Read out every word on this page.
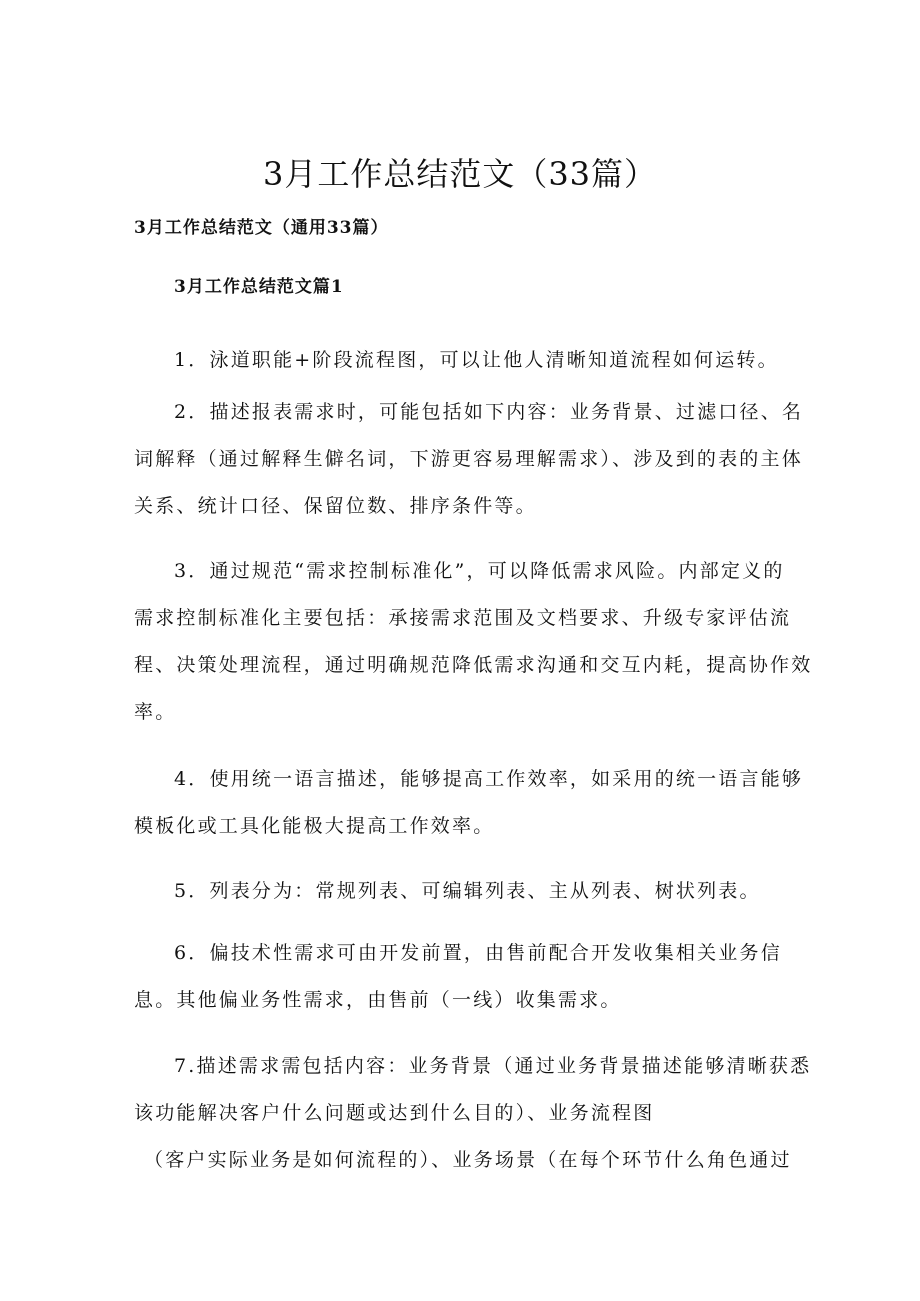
3月工作总结范文（33篇）
3月工作总结范文（通用33篇）
3月工作总结范文篇1
1．泳道职能+阶段流程图，可以让他人清晰知道流程如何运转。
2．描述报表需求时，可能包括如下内容：业务背景、过滤口径、名
词解释（通过解释生僻名词，下游更容易理解需求）、涉及到的表的主体
关系、统计口径、保留位数、排序条件等。
3．通过规范“需求控制标准化”，可以降低需求风险。内部定义的
需求控制标准化主要包括：承接需求范围及文档要求、升级专家评估流
程、决策处理流程，通过明确规范降低需求沟通和交互内耗，提高协作效
率。
4．使用统一语言描述，能够提高工作效率，如采用的统一语言能够
模板化或工具化能极大提高工作效率。
5．列表分为：常规列表、可编辑列表、主从列表、树状列表。
6．偏技术性需求可由开发前置，由售前配合开发收集相关业务信
息。其他偏业务性需求，由售前（一线）收集需求。
7.描述需求需包括内容：业务背景（通过业务背景描述能够清晰获悉
该功能解决客户什么问题或达到什么目的）、业务流程图
（客户实际业务是如何流程的）、业务场景（在每个环节什么角色通过
